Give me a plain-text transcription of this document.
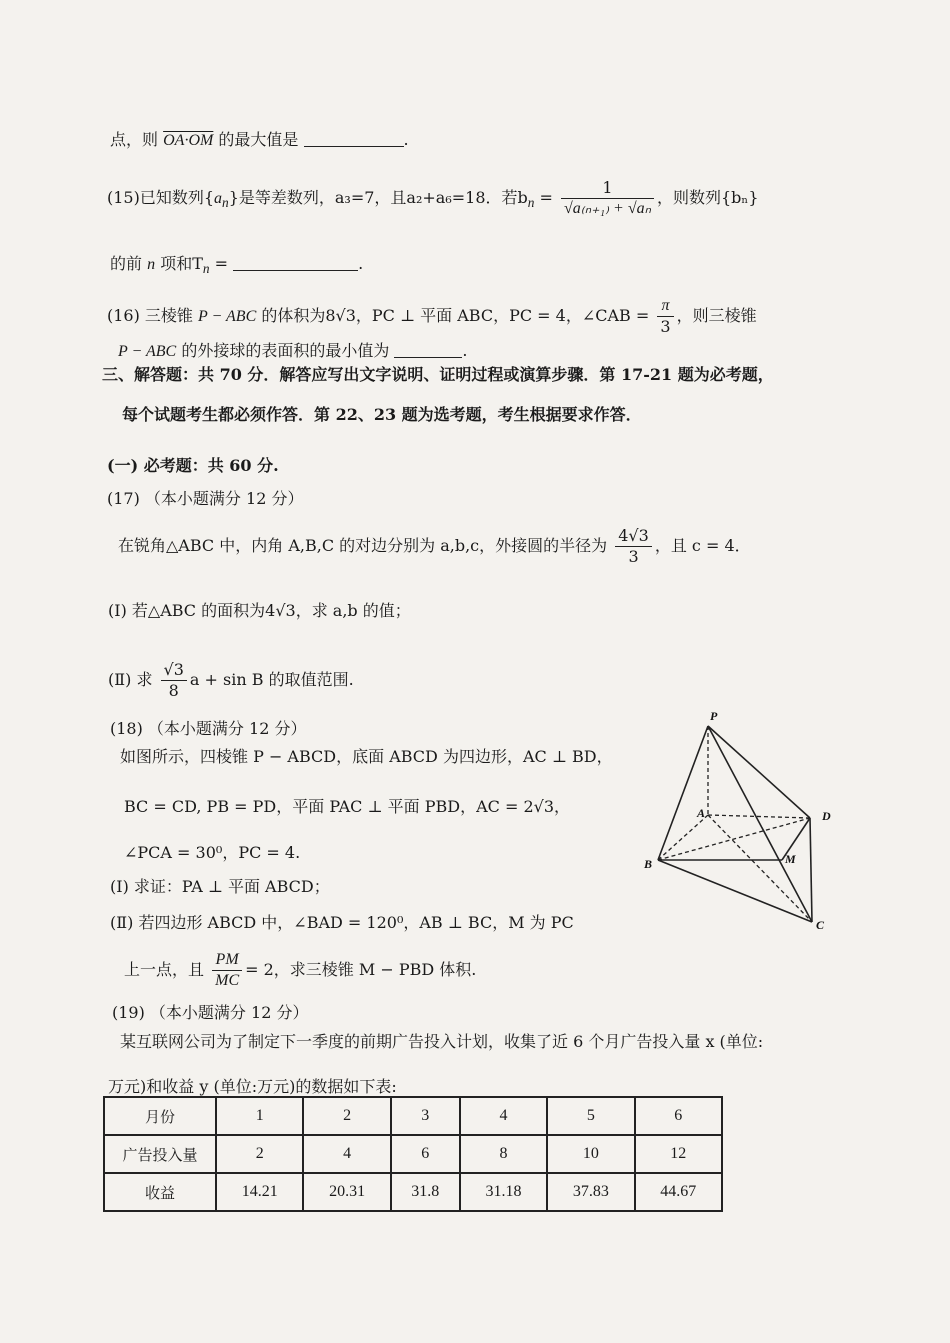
点，则 OA·OM 的最大值是	.
(15)已知数列$\{a_n\}$是等差数列，a₃=7，且a₂+a₆=18．若$b_n = \frac{1}{\text{√a₍ₙ₊₁₎ + √aₙ}}$ ，则数列{bₙ}
的前 n 项和$T_n$ =	.
(16) 三棱锥 P − ABC 的体积为8√3，PC ⊥ 平面 ABC，PC = 4，∠CAB = $\frac{\pi}{3}$ ，则三棱锥
P − ABC 的外接球的表面积的最小值为	.
三、解答题：共 70 分．解答应写出文字说明、证明过程或演算步骤．第 17-21 题为必考题，
每个试题考生都必须作答．第 22、23 题为选考题，考生根据要求作答．
(一) 必考题：共 60 分.
(17) （本小题满分 12 分）
在锐角△ABC 中，内角 A,B,C 的对边分别为 a,b,c，外接圆的半径为 $\frac{4√3}{3}$ ，且 c = 4．
(Ⅰ) 若△ABC 的面积为4√3，求 a,b 的值；
(Ⅱ) 求 $\frac{√3}{8}$ a + sin B 的取值范围.
(18) （本小题满分 12 分）
如图所示，四棱锥 P − ABCD，底面 ABCD 为四边形，AC ⊥ BD，
BC = CD, PB = PD，平面 PAC ⊥ 平面 PBD，AC = 2√3，
∠PCA = 30⁰，PC = 4.
(Ⅰ) 求证：PA ⊥ 平面 ABCD；
(Ⅱ) 若四边形 ABCD 中，∠BAD = 120⁰，AB ⊥ BC，M 为 PC
上一点，且 $\frac{PM}{MC} = 2$，求三棱锥 M − PBD 体积.
P
A	D
B	M
C
(19) （本小题满分 12 分）
某互联网公司为了制定下一季度的前期广告投入计划，收集了近 6 个月广告投入量 x (单位:
万元)和收益 y (单位:万元)的数据如下表:
月份	1	2	3	4	5	6
广告投入量	2	4	6	8	10	12
收益	14.21	20.31	31.8	31.18	37.83	44.67
